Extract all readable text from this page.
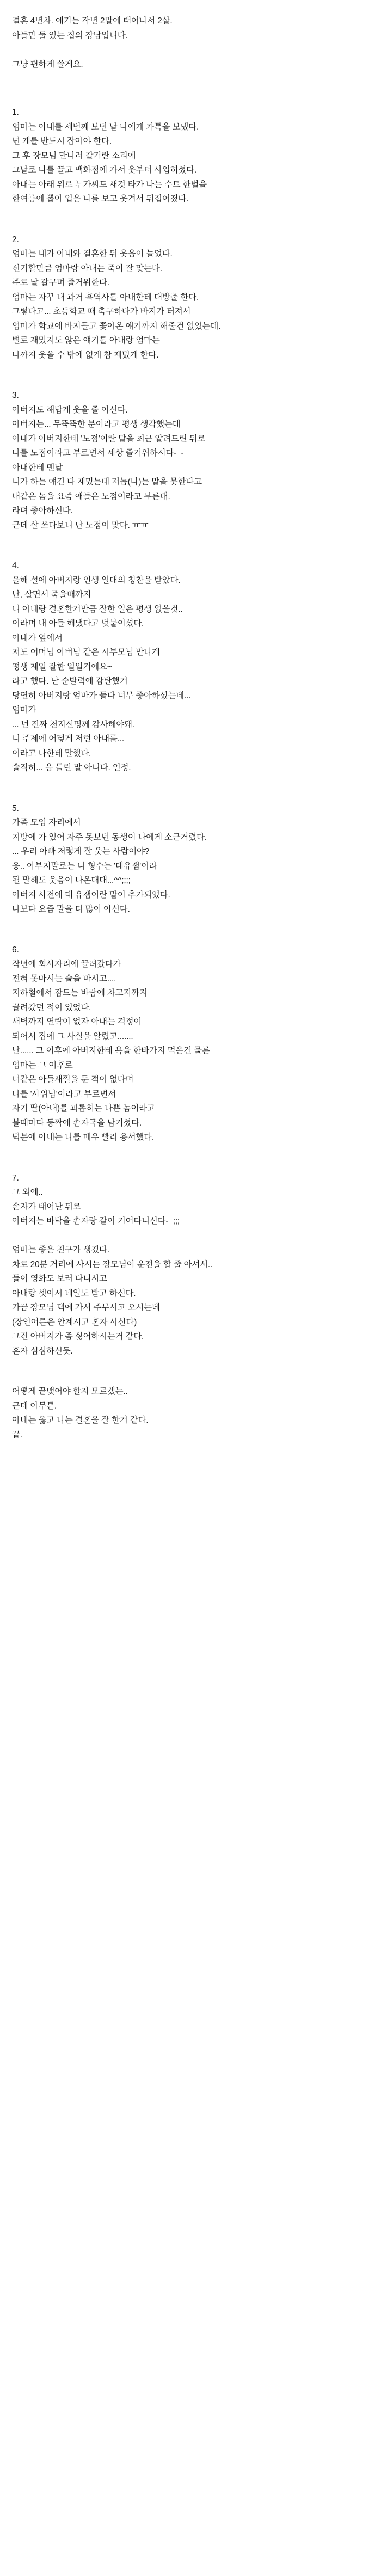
결혼 4년차. 애기는 작년 2말에 태어나서 2살.
아들만 둘 있는 집의 장남입니다.

그냥 편하게 쓸게요.
1.
엄마는 아내를 세번째 보던 날 나에게 카톡을 보냈다.
넌 개를 반드시 잡아야 한다.
그 후 장모님 만나러 갈거란 소리에
그날로 나를 끌고 백화점에 가서 옷부터 사입히셨다.
아내는 아래 위로 누가씨도 새것 타가 나는 수트 한벌을
한여름에 뽑아 입은 나를 보고 웃겨서 뒤집어졌다.
2.
엄마는 내가 아내와 결혼한 뒤 웃음이 늘었다.
신기할만큼 엄마랑 아내는 죽이 잘 맞는다.
주로 날 갈구며 즐거워한다.
엄마는 자꾸 내 과거 흑역사를 아내한테 대방출 한다.
그렇다고... 초등학교 때 축구하다가 바지가 터져서
엄마가 학교에 바지들고 쫓아온 얘기까지 해줄건 없었는데.
별로 재밌지도 않은 얘기를 아내랑 엄마는
나까지 웃을 수 밖에 없게 참 재밌게 한다.
3.
아버지도 해답게 웃을 줄 아신다.
아버지는... 무뚝뚝한 분이라고 평생 생각했는데
아내가 아버지한테 '노점'이란 말을 최근 알려드린 뒤로
나를 노점이라고 부르면서 세상 즐거워하시다-_-
아내한테 맨날
니가 하는 얘긴 다 재밌는데 저놈(나)는 말을 못한다고
내같은 놈을 요즘 애들은 노점이라고 부른대.
라며 좋아하신다.
근데 살 쓰다보니 난 노점이 맞다. ㅠㅠ
4.
올해 설에 아버지랑 인생 일대의 칭찬을 받았다.
난, 살면서 죽을때까지
니 아내랑 결혼한거만큼 잘한 일은 평생 없을것..
이라며 내 아들 해냈다고 덧붙이셨다.
아내가 옆에서
저도 어머님 아버님 같은 시부모님 만나게
평생 제일 잘한 일일거에요~
라고 했다. 난 순발력에 감탄했거
당연히 아버지랑 엄마가 둘다 너무 좋아하셨는데...
엄마가
... 넌 진짜 천지신명께 감사해야돼.
니 주제에 어떻게 저런 아내를...
이라고 나한테 말했다.
솔직히... 음 틀린 말 아니다. 인정.
5.
가족 모임 자리에서
지방에 가 있어 자주 못보던 동생이 나에게 소근거렸다.
... 우리 아빠 저렇게 잘 웃는 사람이야?
응.. 아부지말로는 니 형수는 '대유잼'이라
될 말해도 웃음이 나온대대...^^;;;;
아버지 사전에 대 유잼이란 말이 추가되었다.
나보다 요즘 말을 더 많이 아신다.
6.
작년에 회사자리에 끌려갔다가
전혀 못마시는 술을 마시고....
지하철에서 잠드는 바람에 차고지까지
끌려갔던 적이 있었다.
새벽까지 연락이 없자 아내는 걱정이
되어서 집에 그 사실을 알렸고.......
난...... 그 이후에 아버지한테 욕을 한바가지 먹은건 물론
엄마는 그 이후로
너같은 아들새낄을 둔 적이 없다며
나를 '사위님'이라고 부르면서
자기 딸(아내)를 괴롭히는 나쁜 놈이라고
볼때마다 등짝에 손자국을 남기셨다.
덕분에 아내는 나를 매우 빨리 용서했다.
7.
그 외에..
손자가 태어난 뒤로
아버지는 바닥을 손자랑 같이 기어다니신다-_;;;

엄마는 좋은 친구가 생겼다.
차로 20분 거리에 사시는 장모님이 운전을 할 줄 아셔서..
둘이 영화도 보러 다니시고
아내랑 셋이서 네일도 받고 하신다.
가끔 장모님 댁에 가서 주무시고 오시는데
(장인어른은 안계시고 혼자 사신다)
그건 아버지가 좀 싫어하시는거 같다.
혼자 심심하신듯.
어떻게 끝맺어야 할지 모르겠는..
근데 아무튼.
아내는 옳고 나는 결혼을 잘 한거 같다.
끝.
